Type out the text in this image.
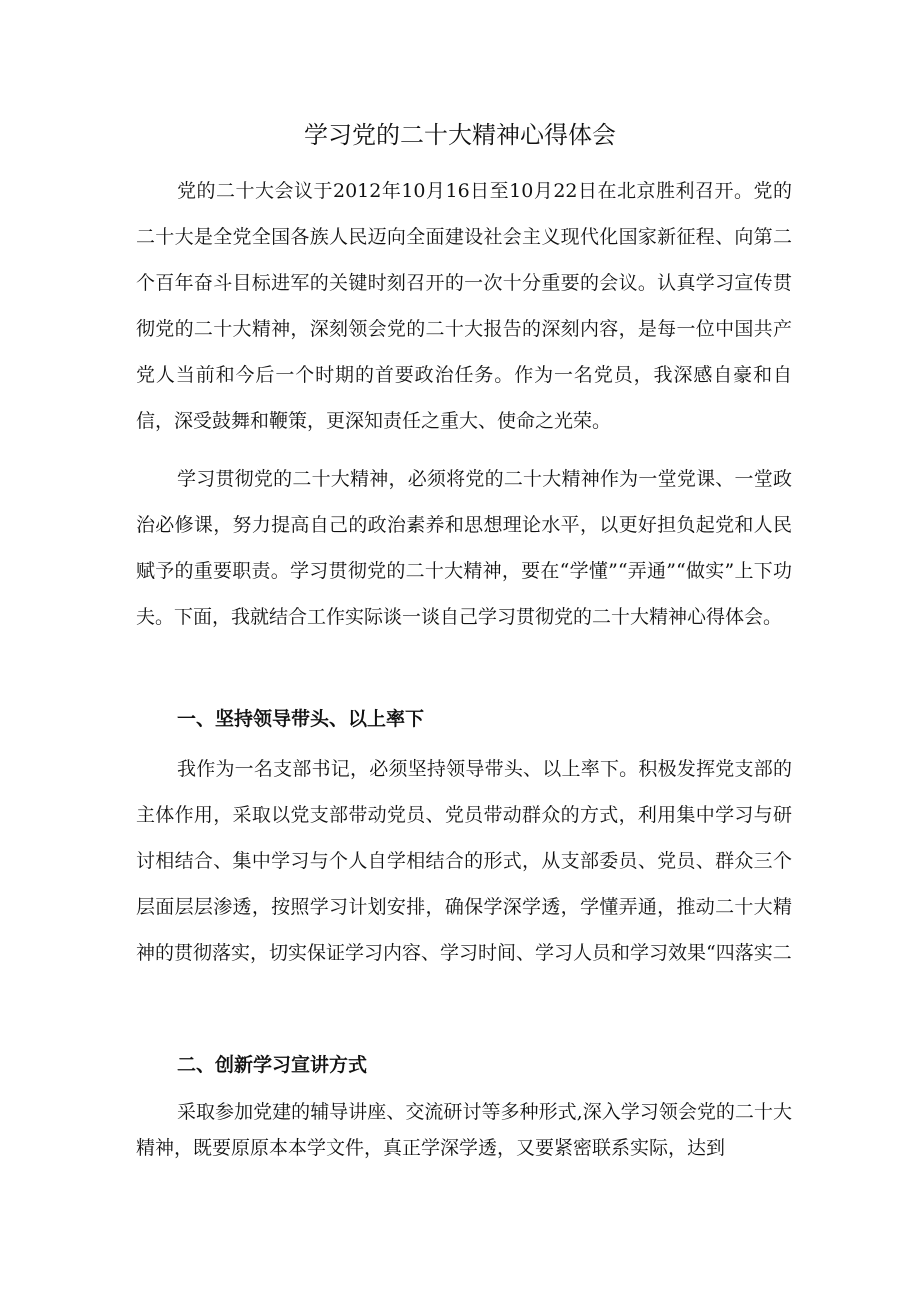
学习党的二十大精神心得体会

党的二十大会议于2012年10月16日至10月22日在北京胜利召开。党的二十大是全党全国各族人民迈向全面建设社会主义现代化国家新征程、向第二个百年奋斗目标进军的关键时刻召开的一次十分重要的会议。认真学习宣传贯彻党的二十大精神，深刻领会党的二十大报告的深刻内容，是每一位中国共产党人当前和今后一个时期的首要政治任务。作为一名党员，我深感自豪和自信，深受鼓舞和鞭策，更深知责任之重大、使命之光荣。

学习贯彻党的二十大精神，必须将党的二十大精神作为一堂党课、一堂政治必修课，努力提高自己的政治素养和思想理论水平，以更好担负起党和人民赋予的重要职责。学习贯彻党的二十大精神，要在“学懂”“弄通”“做实”上下功夫。下面，我就结合工作实际谈一谈自己学习贯彻党的二十大精神心得体会。

一、坚持领导带头、以上率下

我作为一名支部书记，必须坚持领导带头、以上率下。积极发挥党支部的主体作用，采取以党支部带动党员、党员带动群众的方式，利用集中学习与研讨相结合、集中学习与个人自学相结合的形式，从支部委员、党员、群众三个层面层层渗透，按照学习计划安排，确保学深学透，学懂弄通，推动二十大精神的贯彻落实，切实保证学习内容、学习时间、学习人员和学习效果“四落实二

二、创新学习宣讲方式

采取参加党建的辅导讲座、交流研讨等多种形式,深入学习领会党的二十大精神，既要原原本本学文件，真正学深学透，又要紧密联系实际，达到
